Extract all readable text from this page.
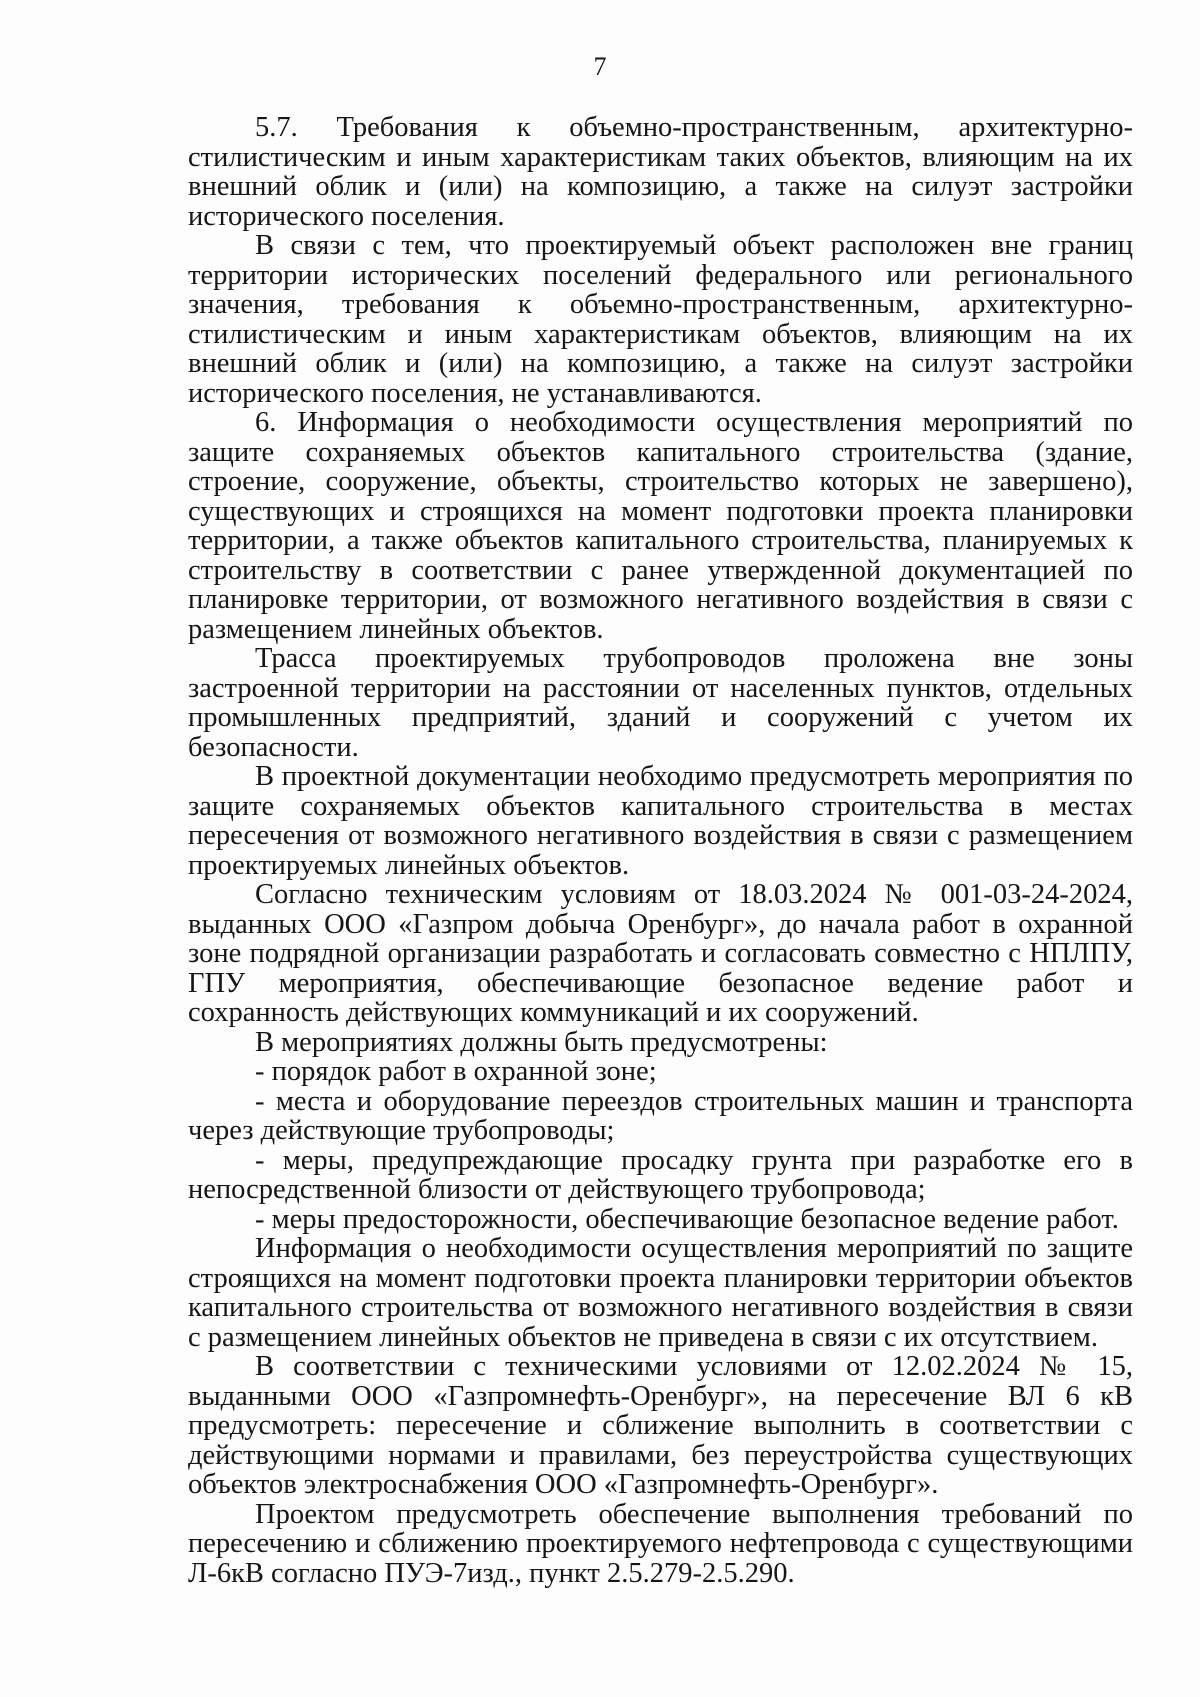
7

5.7. Требования к объемно-пространственным, архитектурно-стилистическим и иным характеристикам таких объектов, влияющим на их внешний облик и (или) на композицию, а также на силуэт застройки исторического поселения.

В связи с тем, что проектируемый объект расположен вне границ территории исторических поселений федерального или регионального значения, требования к объемно-пространственным, архитектурно-стилистическим и иным характеристикам объектов, влияющим на их внешний облик и (или) на композицию, а также на силуэт застройки исторического поселения, не устанавливаются.

6. Информация о необходимости осуществления мероприятий по защите сохраняемых объектов капитального строительства (здание, строение, сооружение, объекты, строительство которых не завершено), существующих и строящихся на момент подготовки проекта планировки территории, а также объектов капитального строительства, планируемых к строительству в соответствии с ранее утвержденной документацией по планировке территории, от возможного негативного воздействия в связи с размещением линейных объектов.

Трасса проектируемых трубопроводов проложена вне зоны застроенной территории на расстоянии от населенных пунктов, отдельных промышленных предприятий, зданий и сооружений с учетом их безопасности.

В проектной документации необходимо предусмотреть мероприятия по защите сохраняемых объектов капитального строительства в местах пересечения от возможного негативного воздействия в связи с размещением проектируемых линейных объектов.

Согласно техническим условиям от 18.03.2024 № 001-03-24-2024, выданных ООО «Газпром добыча Оренбург», до начала работ в охранной зоне подрядной организации разработать и согласовать совместно с НПЛПУ, ГПУ мероприятия, обеспечивающие безопасное ведение работ и сохранность действующих коммуникаций и их сооружений.

В мероприятиях должны быть предусмотрены:

- порядок работ в охранной зоне;

- места и оборудование переездов строительных машин и транспорта через действующие трубопроводы;

- меры, предупреждающие просадку грунта при разработке его в непосредственной близости от действующего трубопровода;

- меры предосторожности, обеспечивающие безопасное ведение работ.

Информация о необходимости осуществления мероприятий по защите строящихся на момент подготовки проекта планировки территории объектов капитального строительства от возможного негативного воздействия в связи с размещением линейных объектов не приведена в связи с их отсутствием.

В соответствии с техническими условиями от 12.02.2024 № 15, выданными ООО «Газпромнефть-Оренбург», на пересечение ВЛ 6 кВ предусмотреть: пересечение и сближение выполнить в соответствии с действующими нормами и правилами, без переустройства существующих объектов электроснабжения ООО «Газпромнефть-Оренбург».

Проектом предусмотреть обеспечение выполнения требований по пересечению и сближению проектируемого нефтепровода с существующими Л-6кВ согласно ПУЭ-7изд., пункт 2.5.279-2.5.290.
